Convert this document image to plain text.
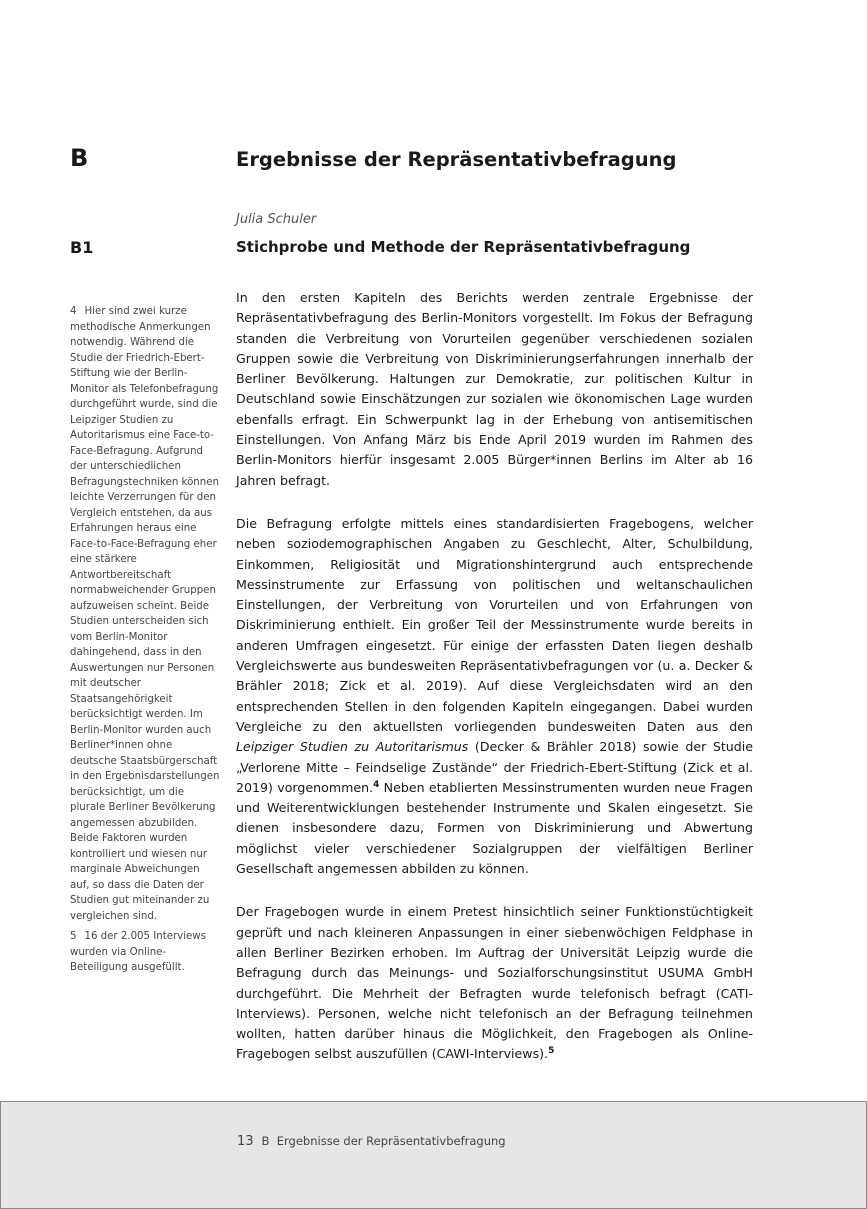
B	Ergebnisse der Repräsentativbefragung
Julia Schuler
B1	Stichprobe und Methode der Repräsentativbefragung

4 Hier sind zwei kurze methodische Anmerkungen notwendig. Während die Studie der Friedrich-Ebert-Stiftung wie der Berlin-Monitor als Telefonbefragung durchgeführt wurde, sind die Leipziger Studien zu Autoritarismus eine Face-to-Face-Befragung. Aufgrund der unterschiedlichen Befragungstechniken können leichte Verzerrungen für den Vergleich entstehen, da aus Erfahrungen heraus eine Face-to-Face-Befragung eher eine stärkere Antwortbereitschaft normabweichender Gruppen aufzuweisen scheint. Beide Studien unterscheiden sich vom Berlin-Monitor dahingehend, dass in den Auswertungen nur Personen mit deutscher Staatsangehörigkeit berücksichtigt werden. Im Berlin-Monitor wurden auch Berliner*innen ohne deutsche Staatsbürgerschaft in den Ergebnisdarstellungen berücksichtigt, um die plurale Berliner Bevölkerung angemessen abzubilden. Beide Faktoren wurden kontrolliert und wiesen nur marginale Abweichungen auf, so dass die Daten der Studien gut miteinander zu vergleichen sind.

5 16 der 2.005 Interviews wurden via Online-Beteiligung ausgefüllt.

In den ersten Kapiteln des Berichts werden zentrale Ergebnisse der Repräsentativbefragung des Berlin-Monitors vorgestellt. Im Fokus der Befragung standen die Verbreitung von Vorurteilen gegenüber verschiedenen sozialen Gruppen sowie die Verbreitung von Diskriminierungserfahrungen innerhalb der Berliner Bevölkerung. Haltungen zur Demokratie, zur politischen Kultur in Deutschland sowie Einschätzungen zur sozialen wie ökonomischen Lage wurden ebenfalls erfragt. Ein Schwerpunkt lag in der Erhebung von antisemitischen Einstellungen. Von Anfang März bis Ende April 2019 wurden im Rahmen des Berlin-Monitors hierfür insgesamt 2.005 Bürger*innen Berlins im Alter ab 16 Jahren befragt.

Die Befragung erfolgte mittels eines standardisierten Fragebogens, welcher neben soziodemographischen Angaben zu Geschlecht, Alter, Schulbildung, Einkommen, Religiosität und Migrationshintergrund auch entsprechende Messinstrumente zur Erfassung von politischen und weltanschaulichen Einstellungen, der Verbreitung von Vorurteilen und von Erfahrungen von Diskriminierung enthielt. Ein großer Teil der Messinstrumente wurde bereits in anderen Umfragen eingesetzt. Für einige der erfassten Daten liegen deshalb Vergleichswerte aus bundesweiten Repräsentativbefragungen vor (u. a. Decker & Brähler 2018; Zick et al. 2019). Auf diese Vergleichsdaten wird an den entsprechenden Stellen in den folgenden Kapiteln eingegangen. Dabei wurden Vergleiche zu den aktuellsten vorliegenden bundesweiten Daten aus den Leipziger Studien zu Autoritarismus (Decker & Brähler 2018) sowie der Studie „Verlorene Mitte – Feindselige Zustände“ der Friedrich-Ebert-Stiftung (Zick et al. 2019) vorgenommen.$^4$ Neben etablierten Messinstrumenten wurden neue Fragen und Weiterentwicklungen bestehender Instrumente und Skalen eingesetzt. Sie dienen insbesondere dazu, Formen von Diskriminierung und Abwertung möglichst vieler verschiedener Sozialgruppen der vielfältigen Berliner Gesellschaft angemessen abbilden zu können.

Der Fragebogen wurde in einem Pretest hinsichtlich seiner Funktionstüchtigkeit geprüft und nach kleineren Anpassungen in einer siebenwöchigen Feldphase in allen Berliner Bezirken erhoben. Im Auftrag der Universität Leipzig wurde die Befragung durch das Meinungs- und Sozialforschungsinstitut USUMA GmbH durchgeführt. Die Mehrheit der Befragten wurde telefonisch befragt (CATI-Interviews). Personen, welche nicht telefonisch an der Befragung teilnehmen wollten, hatten darüber hinaus die Möglichkeit, den Fragebogen als Online-Fragebogen selbst auszufüllen (CAWI-Interviews).$^5$

13 B  Ergebnisse der Repräsentativbefragung
